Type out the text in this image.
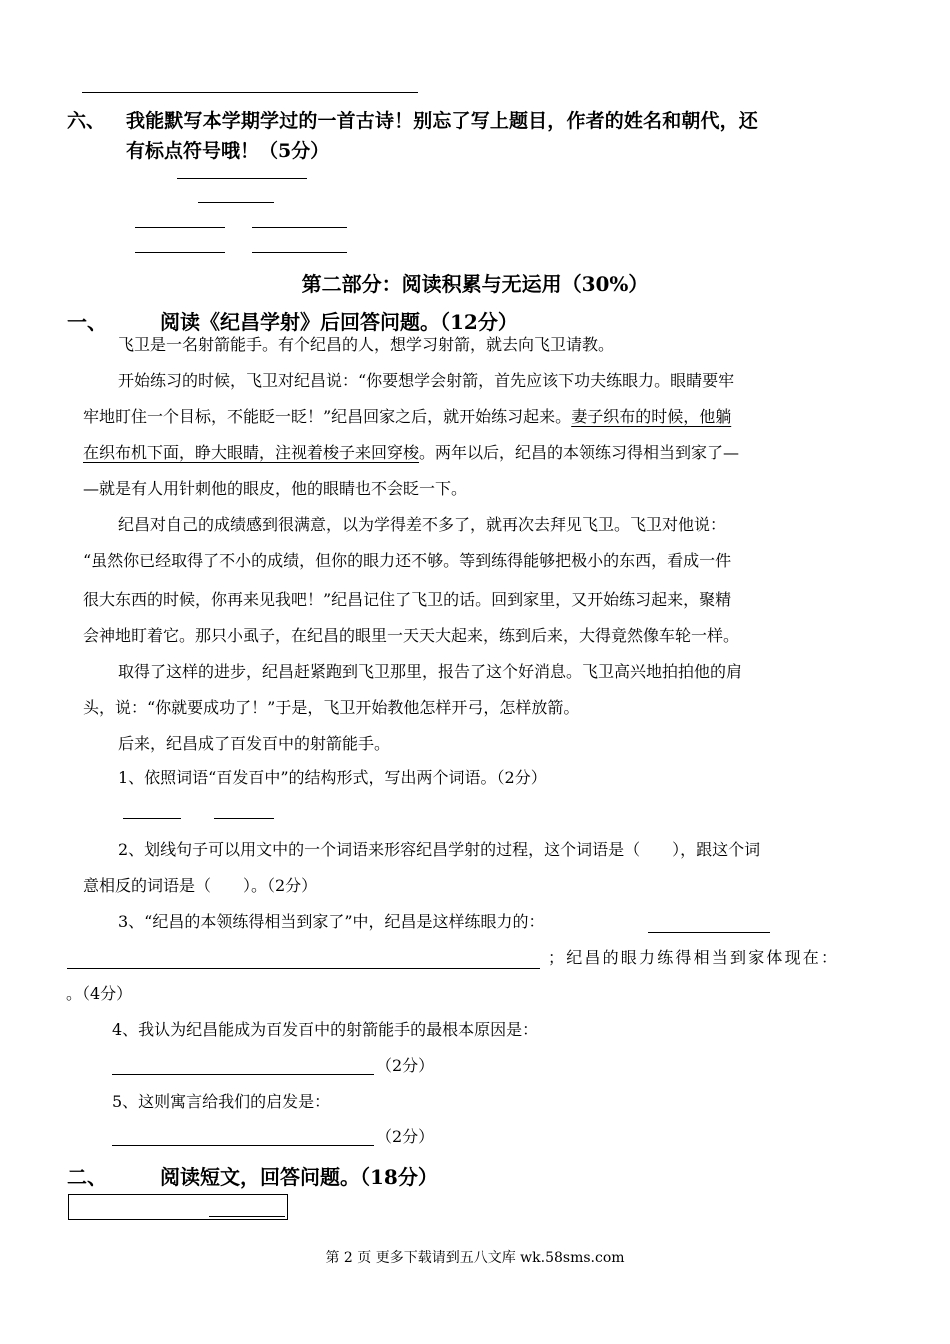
六、 我能默写本学期学过的一首古诗！别忘了写上题目，作者的姓名和朝代，还
有标点符号哦！（5分）
第二部分：阅读积累与无运用（30%）
一、	阅读《纪昌学射》后回答问题。（12分）
飞卫是一名射箭能手。有个纪昌的人，想学习射箭，就去向飞卫请教。
开始练习的时候，飞卫对纪昌说：“你要想学会射箭，首先应该下功夫练眼力。眼睛要牢
牢地盯住一个目标，不能眨一眨！”纪昌回家之后，就开始练习起来。妻子织布的时候，他躺
在织布机下面，睁大眼睛，注视着梭子来回穿梭。两年以后，纪昌的本领练习得相当到家了—
—就是有人用针刺他的眼皮，他的眼睛也不会眨一下。
纪昌对自己的成绩感到很满意，以为学得差不多了，就再次去拜见飞卫。飞卫对他说：
“虽然你已经取得了不小的成绩，但你的眼力还不够。等到练得能够把极小的东西，看成一件
很大东西的时候，你再来见我吧！”纪昌记住了飞卫的话。回到家里，又开始练习起来，聚精
会神地盯着它。那只小虱子，在纪昌的眼里一天天大起来，练到后来，大得竟然像车轮一样。
取得了这样的进步，纪昌赶紧跑到飞卫那里，报告了这个好消息。飞卫高兴地拍拍他的肩
头，说：“你就要成功了！”于是，飞卫开始教他怎样开弓，怎样放箭。
后来，纪昌成了百发百中的射箭能手。
1、依照词语“百发百中”的结构形式，写出两个词语。（2分）
2、划线句子可以用文中的一个词语来形容纪昌学射的过程，这个词语是（　　），跟这个词
意相反的词语是（　　）。（2分）
3、“纪昌的本领练得相当到家了”中，纪昌是这样练眼力的：
；纪昌的眼力练得相当到家体现在：
。（4分）
4、我认为纪昌能成为百发百中的射箭能手的最根本原因是：
（2分）
5、这则寓言给我们的启发是：
（2分）
二、	阅读短文，回答问题。（18分）
第 2 页 更多下载请到五八文库 wk.58sms.com
